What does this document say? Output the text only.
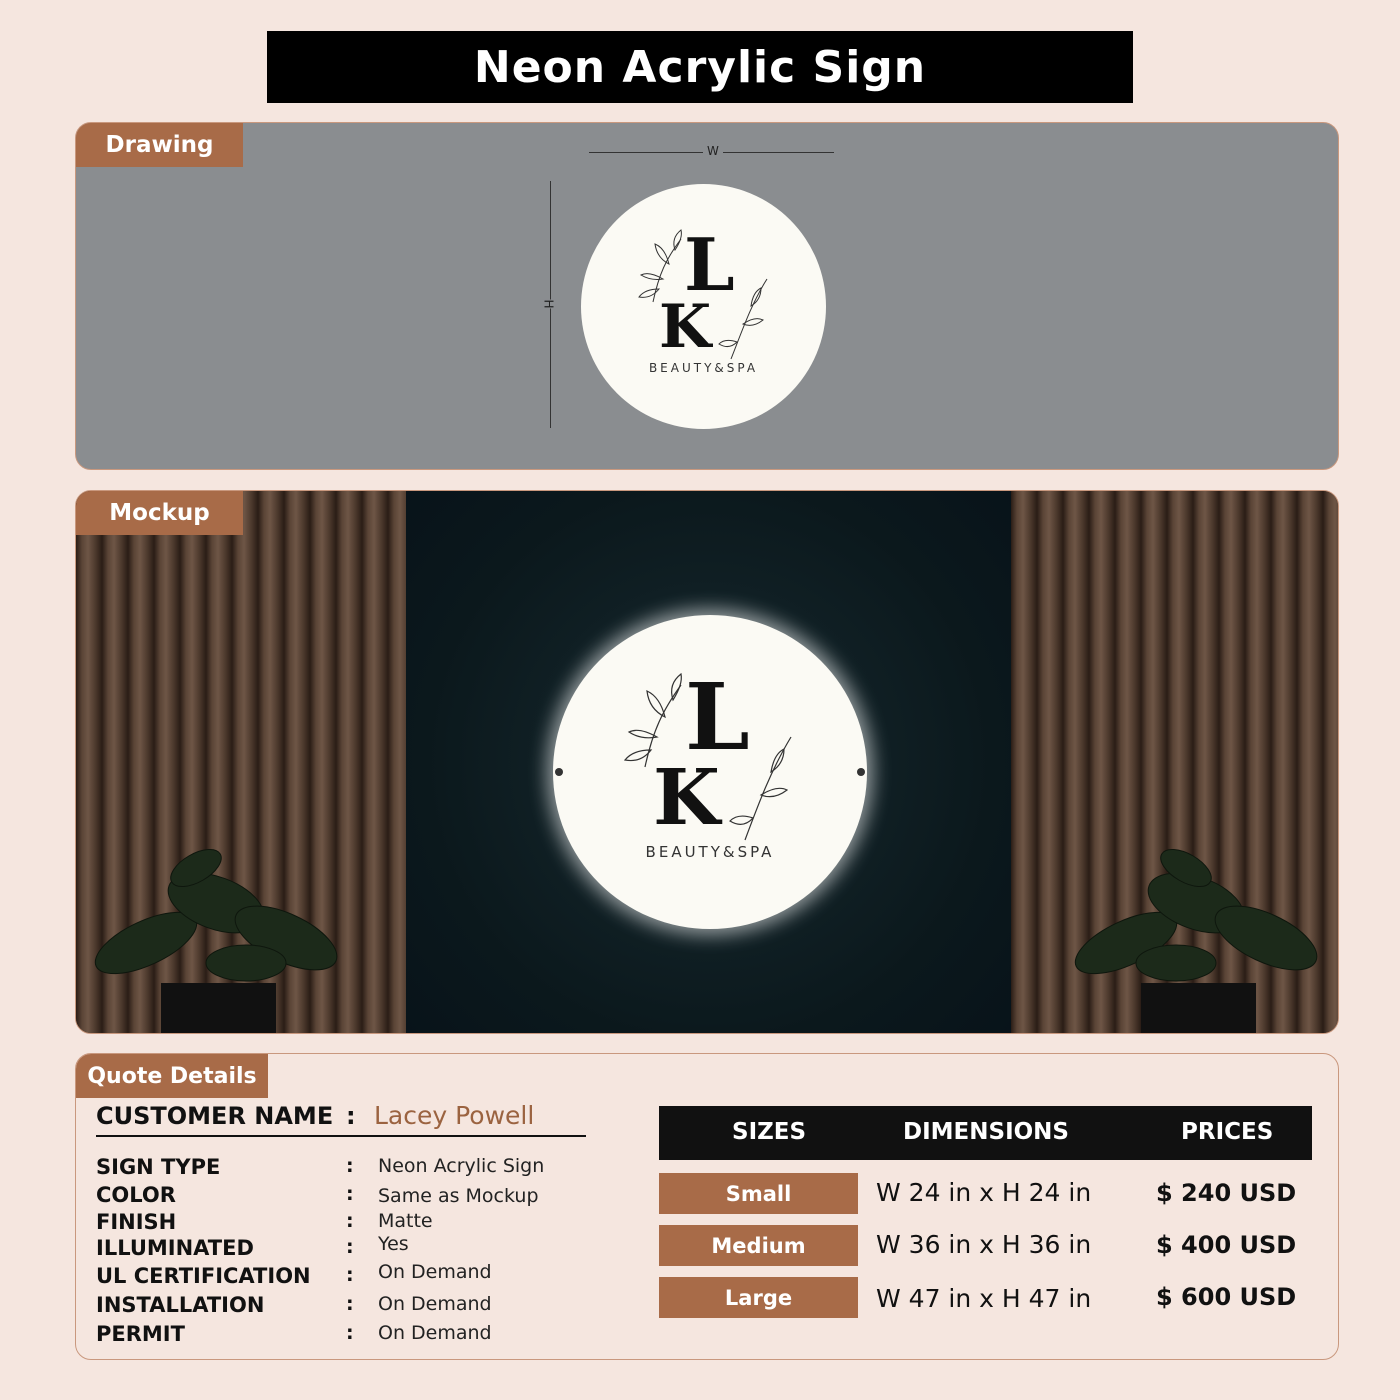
Neon Acrylic Sign
Drawing	W
H L
K
BEAUTY&SPA
Mockup
L
K
BEAUTY&SPA
Quote Details
CUSTOMER NAME : Lacey Powell
SIGN TYPE	: Neon Acrylic Sign
COLOR	: Same as Mockup
FINISH	: Matte
ILLUMINATED	: Yes
UL CERTIFICATION : On Demand
INSTALLATION	: On Demand
PERMIT	: On Demand
SIZES	DIMENSIONS	PRICES
Small	W 24 in x H 24 in	$ 240 USD
Medium	W 36 in x H 36 in	$ 400 USD
Large	W 47 in x H 47 in	$ 600 USD
